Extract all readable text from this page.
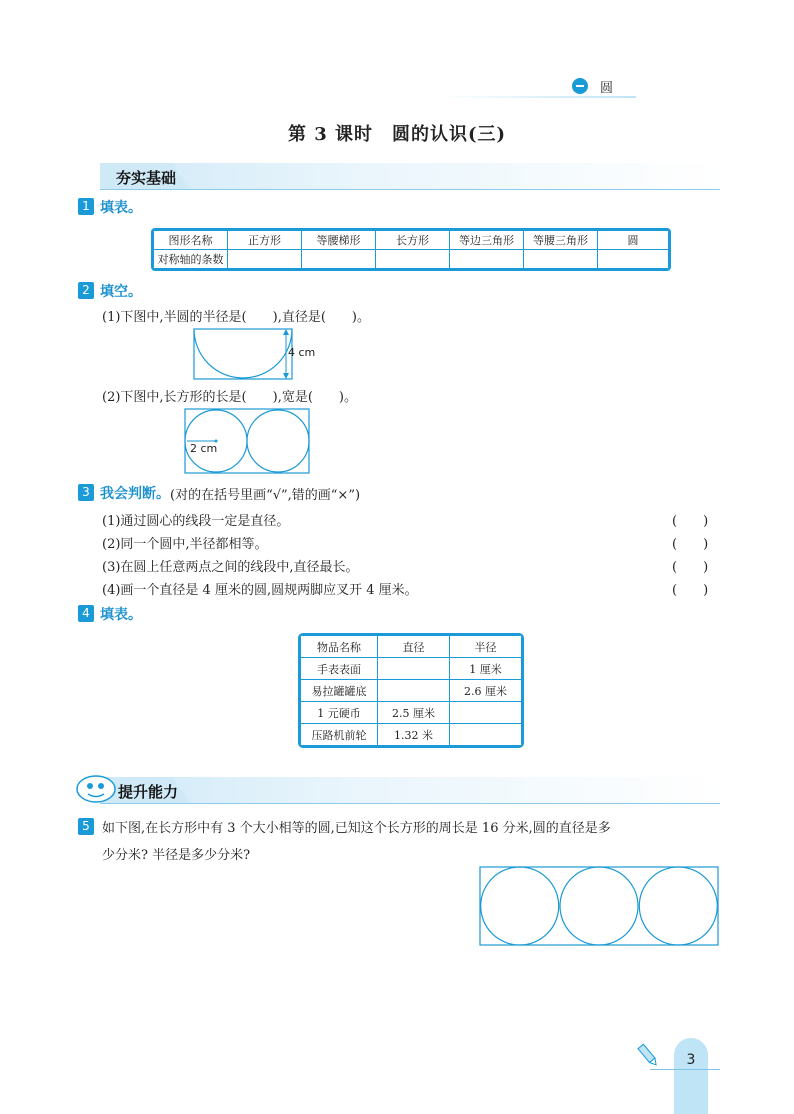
圆
第 3 课时　圆的认识(三)
夯实基础
1 填表。
图形名称	正方形	等腰梯形	长方形	等边三角形	等腰三角形	圆
对称轴的条数						
2 填空。
(1)下图中,半圆的半径是(　　),直径是(　　)。
4 cm
(2)下图中,长方形的长是(　　),宽是(　　)。
2 cm
3 我会判断。 (对的在括号里画“√”,错的画“×”)
(1)通过圆心的线段一定是直径。	(　　)
(2)同一个圆中,半径都相等。	(　　)
(3)在圆上任意两点之间的线段中,直径最长。	(　　)
(4)画一个直径是 4 厘米的圆,圆规两脚应叉开 4 厘米。	(　　)
4 填表。
物品名称	直径	半径
手表表面		1 厘米
易拉罐罐底		2.6 厘米
1 元硬币	2.5 厘米	
压路机前轮	1.32 米	
提升能力
5 如下图,在长方形中有 3 个大小相等的圆,已知这个长方形的周长是 16 分米,圆的直径是多
少分米? 半径是多少分米?
3
